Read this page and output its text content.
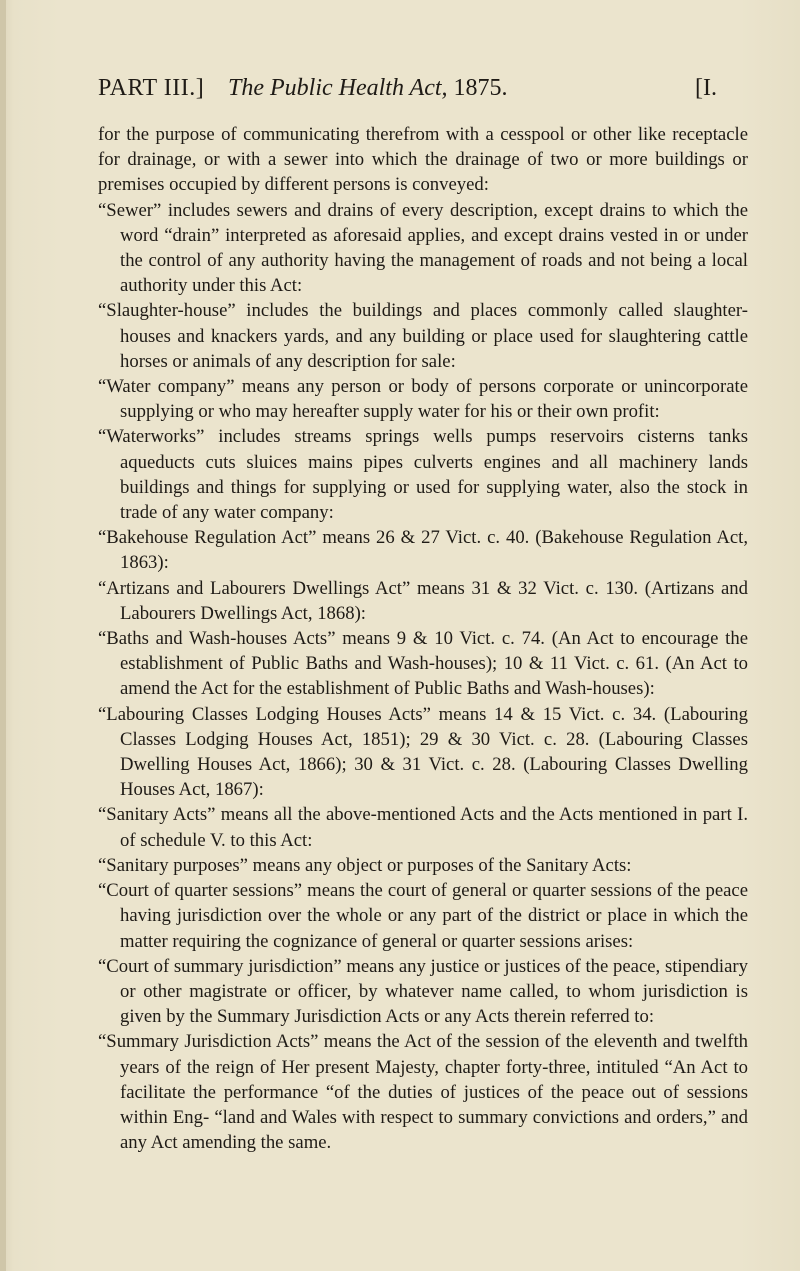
PART III.] The Public Health Act, 1875.	[I.

for the purpose of communicating therefrom with a cesspool or other like receptacle for drainage, or with a sewer into which the drainage of two or more buildings or premises occupied by different persons is conveyed:

“Sewer” includes sewers and drains of every description, except drains to which the word “drain” interpreted as aforesaid applies, and except drains vested in or under the control of any authority having the management of roads and not being a local authority under this Act:

“Slaughter-house” includes the buildings and places commonly called slaughter-houses and knackers yards, and any building or place used for slaughtering cattle horses or animals of any description for sale:

“Water company” means any person or body of persons corporate or unincorporate supplying or who may hereafter supply water for his or their own profit:

“Waterworks” includes streams springs wells pumps reservoirs cisterns tanks aqueducts cuts sluices mains pipes culverts engines and all machinery lands buildings and things for supplying or used for supplying water, also the stock in trade of any water company:

“Bakehouse Regulation Act” means 26 & 27 Vict. c. 40. (Bakehouse Regulation Act, 1863):

“Artizans and Labourers Dwellings Act” means 31 & 32 Vict. c. 130. (Artizans and Labourers Dwellings Act, 1868):

“Baths and Wash-houses Acts” means 9 & 10 Vict. c. 74. (An Act to encourage the establishment of Public Baths and Wash-houses); 10 & 11 Vict. c. 61. (An Act to amend the Act for the establishment of Public Baths and Wash-houses):

“Labouring Classes Lodging Houses Acts” means 14 & 15 Vict. c. 34. (Labouring Classes Lodging Houses Act, 1851); 29 & 30 Vict. c. 28. (Labouring Classes Dwelling Houses Act, 1866); 30 & 31 Vict. c. 28. (Labouring Classes Dwelling Houses Act, 1867):

“Sanitary Acts” means all the above-mentioned Acts and the Acts mentioned in part I. of schedule V. to this Act:

“Sanitary purposes” means any object or purposes of the Sanitary Acts:

“Court of quarter sessions” means the court of general or quarter sessions of the peace having jurisdiction over the whole or any part of the district or place in which the matter requiring the cognizance of general or quarter sessions arises:

“Court of summary jurisdiction” means any justice or justices of the peace, stipendiary or other magistrate or officer, by whatever name called, to whom jurisdiction is given by the Summary Jurisdiction Acts or any Acts therein referred to:

“Summary Jurisdiction Acts” means the Act of the session of the eleventh and twelfth years of the reign of Her present Majesty, chapter forty-three, intituled “An Act to facilitate the performance “of the duties of justices of the peace out of sessions within Eng- “land and Wales with respect to summary convictions and orders,” and any Act amending the same.
